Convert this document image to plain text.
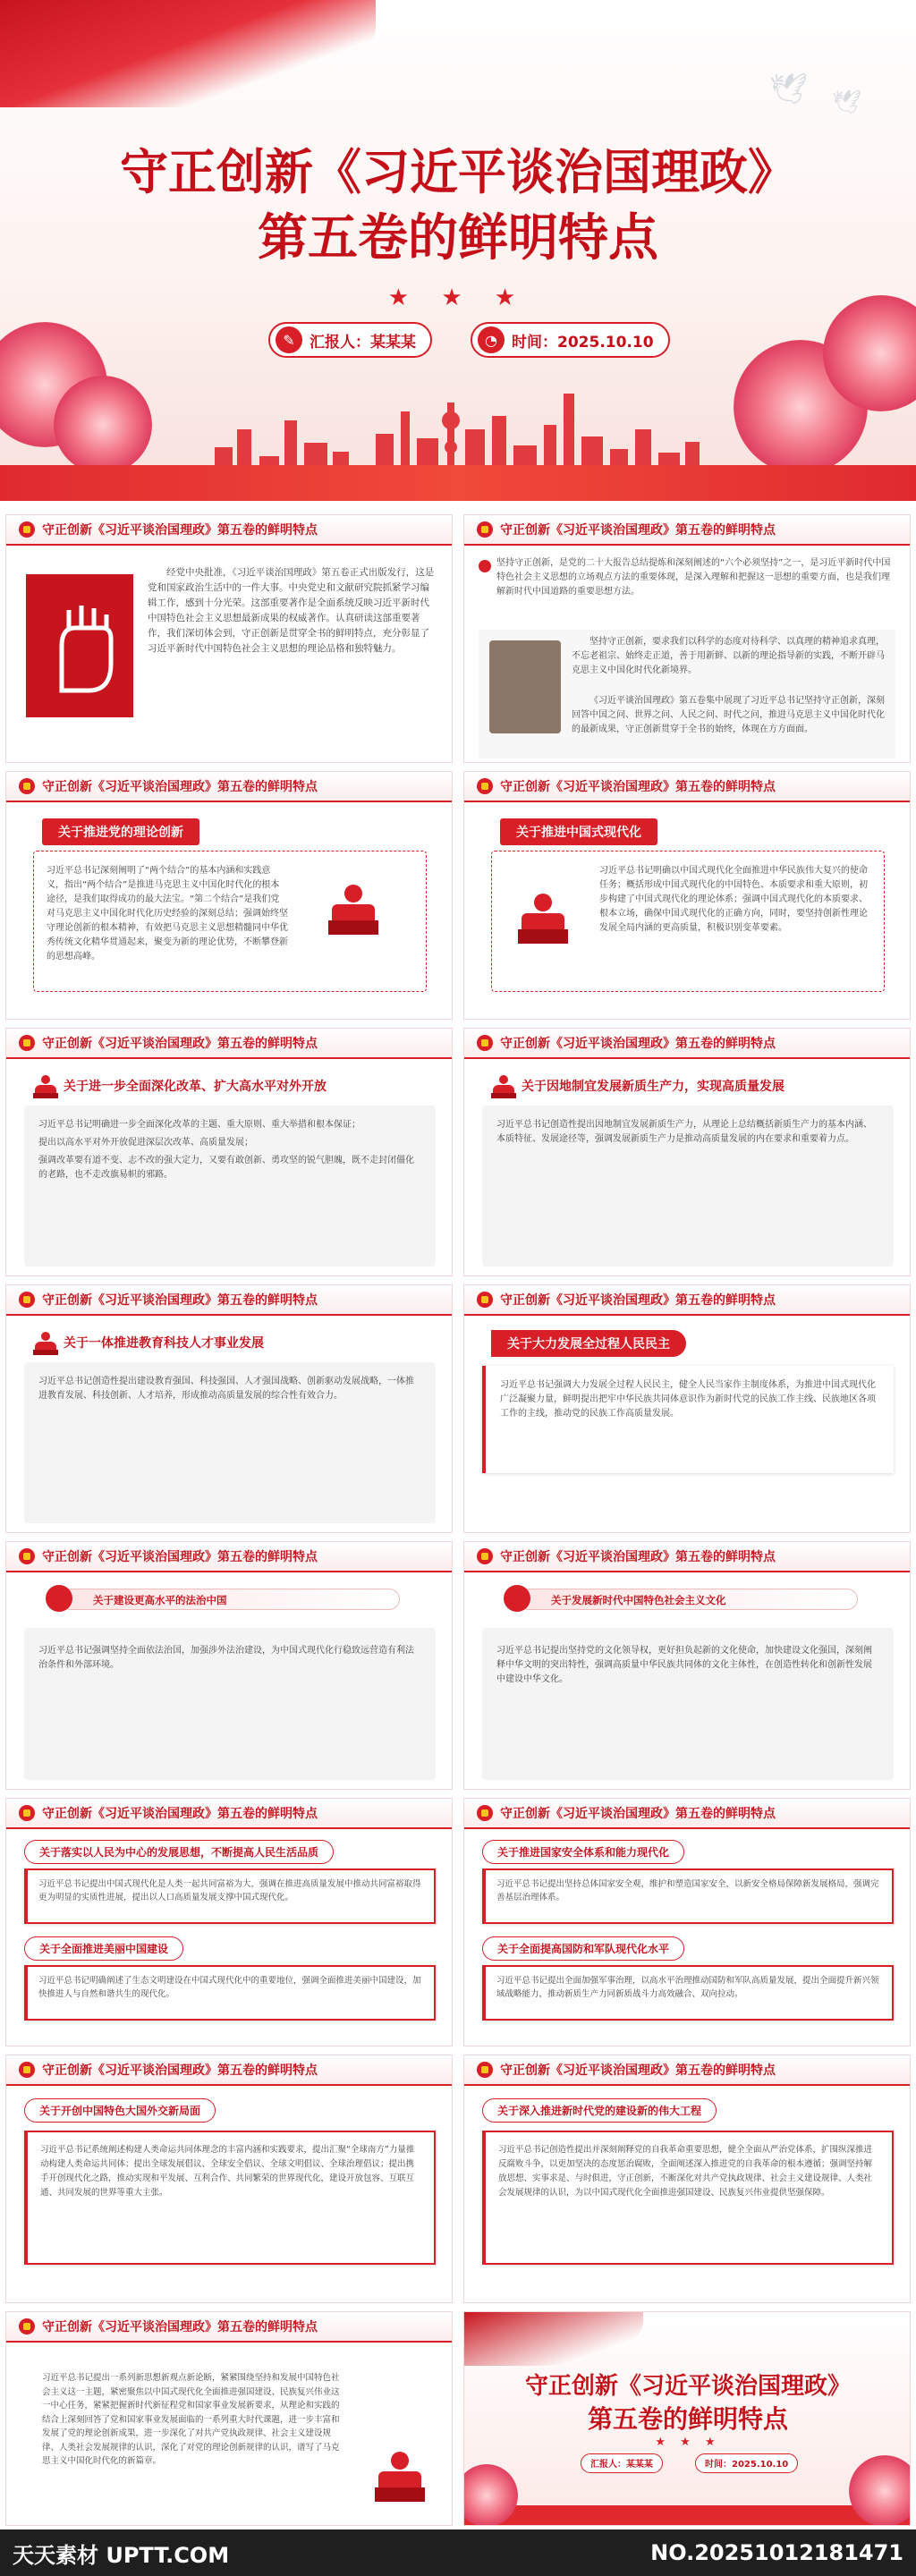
🕊 🕊
守正创新《习近平谈治国理政》
第五卷的鲜明特点
★ ★ ★
✎ 汇报人：某某某	◔ 时间：2025.10.10
守正创新《习近平谈治国理政》第五卷的鲜明特点
经党中央批准，《习近平谈治国理政》第五卷正式出版发行，这是党和国家政治生活中的一件大事。中央党史和文献研究院抓紧学习编辑工作，感到十分光荣。这部重要著作是全面系统反映习近平新时代中国特色社会主义思想最新成果的权威著作。认真研读这部重要著作，我们深切体会到，守正创新是贯穿全书的鲜明特点，充分彰显了习近平新时代中国特色社会主义思想的理论品格和独特魅力。
守正创新《习近平谈治国理政》第五卷的鲜明特点
坚持守正创新，是党的二十大报告总结提炼和深刻阐述的“六个必须坚持”之一，是习近平新时代中国特色社会主义思想的立场观点方法的重要体现，是深入理解和把握这一思想的重要方面，也是我们理解新时代中国道路的重要思想方法。
坚持守正创新，要求我们以科学的态度对待科学、以真理的精神追求真理，不忘老祖宗、始终走正道，善于用新鲜、以新的理论指导新的实践，不断开辟马克思主义中国化时代化新境界。
《习近平谈治国理政》第五卷集中展现了习近平总书记坚持守正创新，深刻回答中国之问、世界之问、人民之问、时代之问，推进马克思主义中国化时代化的最新成果，守正创新贯穿于全书的始终，体现在方方面面。
守正创新《习近平谈治国理政》第五卷的鲜明特点
关于推进党的理论创新
习近平总书记深刻阐明了“两个结合”的基本内涵和实践意义，指出“两个结合”是推进马克思主义中国化时代化的根本途径，是我们取得成功的最大法宝。“第二个结合”是我们党对马克思主义中国化时代化历史经验的深刻总结；强调始终坚守理论创新的根本精神，有效把马克思主义思想精髓同中华优秀传统文化精华贯通起来，聚变为新的理论优势，不断攀登新的思想高峰。
守正创新《习近平谈治国理政》第五卷的鲜明特点
关于推进中国式现代化
习近平总书记明确以中国式现代化全面推进中华民族伟大复兴的使命任务；概括形成中国式现代化的中国特色、本质要求和重大原则，初步构建了中国式现代化的理论体系；强调中国式现代化的本质要求、根本立场，确保中国式现代化的正确方向，同时，要坚持创新性理论发展全局内涵的更高质量，积极识别变革要素。
守正创新《习近平谈治国理政》第五卷的鲜明特点
关于进一步全面深化改革、扩大高水平对外开放
习近平总书记明确进一步全面深化改革的主题、重大原则、重大举措和根本保证；
提出以高水平对外开放促进深层次改革、高质量发展；
强调改革要有道不变、志不改的强大定力，又要有敢创新、勇攻坚的锐气胆魄，既不走封闭僵化的老路，也不走改旗易帜的邪路。
守正创新《习近平谈治国理政》第五卷的鲜明特点
关于因地制宜发展新质生产力，实现高质量发展
习近平总书记创造性提出因地制宜发展新质生产力，从理论上总结概括新质生产力的基本内涵、本质特征、发展途径等，强调发展新质生产力是推动高质量发展的内在要求和重要着力点。
守正创新《习近平谈治国理政》第五卷的鲜明特点
关于一体推进教育科技人才事业发展
习近平总书记创造性提出建设教育强国、科技强国、人才强国战略、创新驱动发展战略，一体推进教育发展、科技创新、人才培养，形成推动高质量发展的综合性有效合力。
守正创新《习近平谈治国理政》第五卷的鲜明特点
关于大力发展全过程人民民主
习近平总书记强调大力发展全过程人民民主，健全人民当家作主制度体系，为推进中国式现代化广泛凝聚力量，鲜明提出把牢中华民族共同体意识作为新时代党的民族工作主线、民族地区各项工作的主线，推动党的民族工作高质量发展。
守正创新《习近平谈治国理政》第五卷的鲜明特点
关于建设更高水平的法治中国
习近平总书记强调坚持全面依法治国，加强涉外法治建设，为中国式现代化行稳致远营造有利法治条件和外部环境。
守正创新《习近平谈治国理政》第五卷的鲜明特点
关于发展新时代中国特色社会主义文化
习近平总书记提出坚持党的文化领导权，更好担负起新的文化使命，加快建设文化强国，深刻阐释中华文明的突出特性，强调高质量中华民族共同体的文化主体性，在创造性转化和创新性发展中建设中华文化。
守正创新《习近平谈治国理政》第五卷的鲜明特点
关于落实以人民为中心的发展思想，不断提高人民生活品质
习近平总书记提出中国式现代化是人类一起共同富裕为大，强调在推进高质量发展中推动共同富裕取得更为明显的实质性进展，提出以人口高质量发展支撑中国式现代化。
关于全面推进美丽中国建设
习近平总书记明确阐述了生态文明建设在中国式现代化中的重要地位，强调全面推进美丽中国建设，加快推进人与自然和谐共生的现代化。
守正创新《习近平谈治国理政》第五卷的鲜明特点
关于推进国家安全体系和能力现代化
习近平总书记提出坚持总体国家安全观，维护和塑造国家安全，以新安全格局保障新发展格局，强调完善基层治理体系。
关于全面提高国防和军队现代化水平
习近平总书记提出全面加强军事治理，以高水平治理推动国防和军队高质量发展，提出全面提升新兴领域战略能力，推动新质生产力同新质战斗力高效融合、双向拉动。
守正创新《习近平谈治国理政》第五卷的鲜明特点
关于开创中国特色大国外交新局面
习近平总书记系统阐述构建人类命运共同体理念的丰富内涵和实践要求，提出汇聚“全球南方”力量推动构建人类命运共同体；提出全球发展倡议、全球安全倡议、全球文明倡议、全球治理倡议；提出携手开创现代化之路，推动实现和平发展、互利合作、共同繁荣的世界现代化，建设开放包容、互联互通、共同发展的世界等重大主张。
守正创新《习近平谈治国理政》第五卷的鲜明特点
关于深入推进新时代党的建设新的伟大工程
习近平总书记创造性提出并深刻阐释党的自我革命重要思想，健全全面从严治党体系，扩围纵深推进反腐败斗争，以更加坚决的态度惩治腐败，全面阐述深入推进党的自我革命的根本遵循；强调坚持解放思想、实事求是、与时俱进，守正创新，不断深化对共产党执政规律、社会主义建设规律、人类社会发展规律的认识，为以中国式现代化全面推进强国建设、民族复兴伟业提供坚强保障。
守正创新《习近平谈治国理政》第五卷的鲜明特点
习近平总书记提出一系列新思想新观点新论断，紧紧围绕坚持和发展中国特色社会主义这一主题，紧密聚焦以中国式现代化全面推进强国建设、民族复兴伟业这一中心任务，紧紧把握新时代新征程党和国家事业发展新要求，从理论和实践的结合上深刻回答了党和国家事业发展面临的一系列重大时代课题，进一步丰富和发展了党的理论创新成果，进一步深化了对共产党执政规律、社会主义建设规律、人类社会发展规律的认识，深化了对党的理论创新规律的认识，谱写了马克思主义中国化时代化的新篇章。
守正创新《习近平谈治国理政》
第五卷的鲜明特点
★ ★ ★
汇报人：某某某	时间：2025.10.10
天天素材 UPTT.COM	NO.20251012181471
